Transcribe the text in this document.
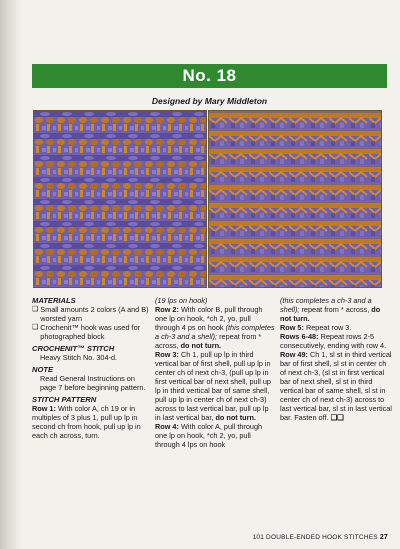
No. 18
Designed by Mary Middleton
MATERIALS
❑ Small amounts 2 colors (A and B) worsted yarn
❑ Crochenit™ hook was used for photographed block
CROCHENIT™ STITCH

Heavy Stitch No. 304-d.

NOTE

Read General Instructions on page 7 before beginning pattern.

STITCH PATTERN

Row 1: With color A, ch 19 or in multiples of 3 plus 1, pull up lp in second ch from hook, pull up lp in each ch across, turn.

(19 lps on hook)

Row 2: With color B, pull through one lp on hook, *ch 2, yo, pull through 4 ps on hook (this completes a ch-3 and a shell); repeat from * across, do not turn.

Row 3: Ch 1, pull up lp in third vertical bar of first shell, pull up lp in center ch of next ch-3, (pull up lp in first vertical bar of next shell, pull up lp in third vertical bar of same shell, pull up lp in center ch of next ch-3) across to last vertical bar, pull up lp in last vertical bar, do not turn.

Row 4: With color A, pull through one lp on hook, *ch 2, yo, pull through 4 lps on hook

(this completes a ch-3 and a shell); repeat from * across, do not turn.

Row 5: Repeat row 3.

Rows 6-48: Repeat rows 2-5 consecutively, ending with row 4.

Row 49: Ch 1, sl st in third vertical bar of first shell, sl st in center ch of next ch-3, (sl st in first vertical bar of next shell, sl st in third vertical bar of same shell, sl st in center ch of next ch-3) across to last vertical bar, sl st in last vertical bar. Fasten off. ❑❑

101 DOUBLE-ENDED HOOK STITCHES 27
